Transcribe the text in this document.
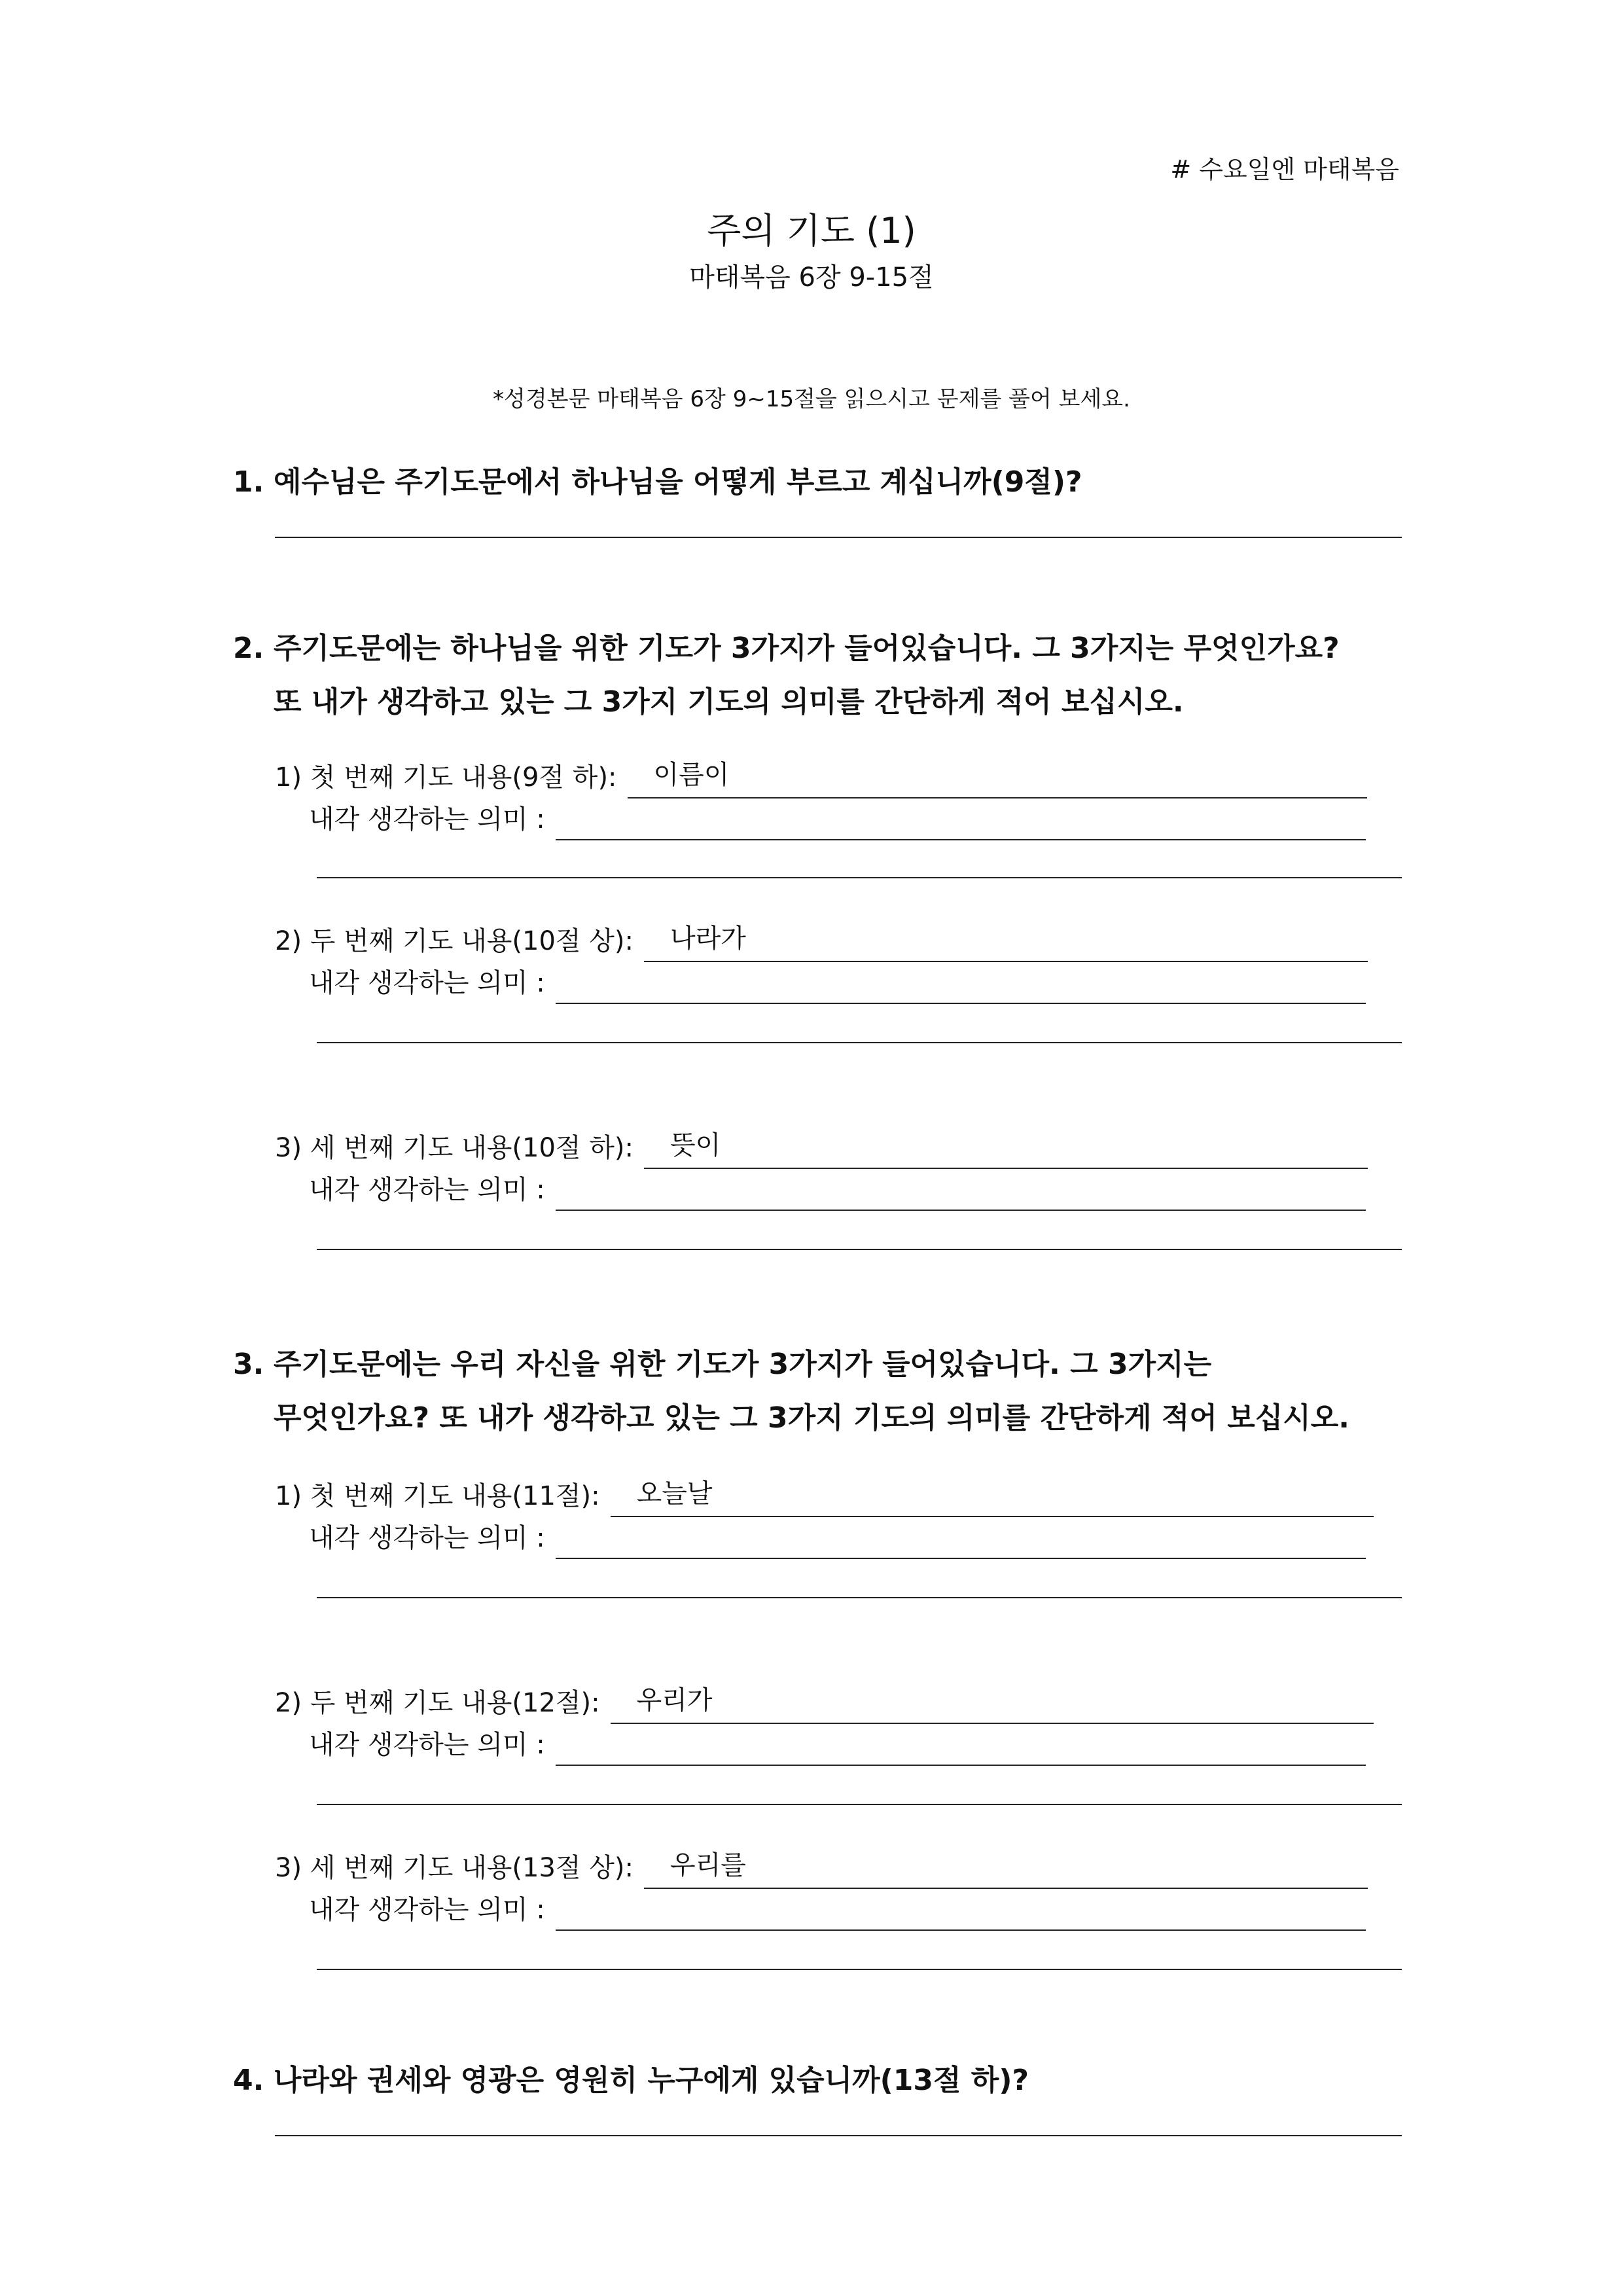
# 수요일엔 마태복음
주의 기도 (1)
마태복음 6장 9-15절
*성경본문 마태복음 6장 9~15절을 읽으시고 문제를 풀어 보세요.
1. 예수님은 주기도문에서 하나님을 어떻게 부르고 계십니까(9절)?
2. 주기도문에는 하나님을 위한 기도가 3가지가 들어있습니다. 그 3가지는 무엇인가요?
또 내가 생각하고 있는 그 3가지 기도의 의미를 간단하게 적어 보십시오.
1) 첫 번째 기도 내용(9절 하): 이름이
내각 생각하는 의미 :
2) 두 번째 기도 내용(10절 상): 나라가
내각 생각하는 의미 :
3) 세 번째 기도 내용(10절 하): 뜻이
내각 생각하는 의미 :
3. 주기도문에는 우리 자신을 위한 기도가 3가지가 들어있습니다. 그 3가지는
무엇인가요? 또 내가 생각하고 있는 그 3가지 기도의 의미를 간단하게 적어 보십시오.
1) 첫 번째 기도 내용(11절): 오늘날
내각 생각하는 의미 :
2) 두 번째 기도 내용(12절): 우리가
내각 생각하는 의미 :
3) 세 번째 기도 내용(13절 상): 우리를
내각 생각하는 의미 :
4. 나라와 권세와 영광은 영원히 누구에게 있습니까(13절 하)?
